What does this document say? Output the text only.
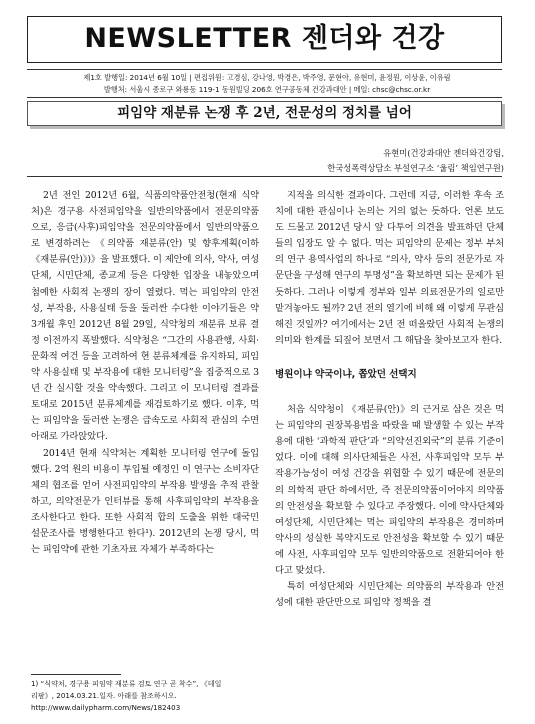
NEWSLETTER 젠더와 건강
제1호 발행일: 2014년 6월 10일 | 편집위원: 고경심, 강나영, 박경은, 박주영, 문현아, 유현미, 윤정원, 이상윤, 이유림
발행처: 서울시 종로구 와룡동 119-1 동원빌딩 206호 연구공동체 건강과대안 | 메일: chsc@chsc.or.kr
피임약 재분류 논쟁 후 2년, 전문성의 정치를 넘어
유현미(건강과대안 젠더와건강팀,
한국성폭력상담소 부설연구소 ‘울림’ 책임연구원)

2년 전인 2012년 6월, 식품의약품안전청(현재 식약처)은 경구용 사전피임약을 일반의약품에서 전문의약품으로, 응급(사후)피임약을 전문의약품에서 일반의약품으로 변경하려는 《의약품 재분류(안) 및 향후계획(이하 《재분류(안)》)》을 발표했다. 이 제안에 의사, 약사, 여성단체, 시민단체, 종교계 등은 다양한 입장을 내놓았으며 첨예한 사회적 논쟁의 장이 열렸다. 먹는 피임약의 안전성, 부작용, 사용실태 등을 둘러싼 수다한 이야기들은 약 3개월 후인 2012년 8월 29일, 식약청의 재분류 보류 결정 이전까지 폭발했다. 식약청은 “그간의 사용관행, 사회·문화적 여건 등을 고려하여 현 분류체계를 유지하되, 피임약 사용실태 및 부작용에 대한 모니터링”을 집중적으로 3년 간 실시할 것을 약속했다. 그리고 이 모니터링 결과를 토대로 2015년 분류체계를 재검토하기로 했다. 이후, 먹는 피임약을 둘러싼 논쟁은 급속도로 사회적 관심의 수면 아래로 가라앉았다.

2014년 현재 식약처는 계획한 모니터링 연구에 돌입했다. 2억 원의 비용이 투입될 예정인 이 연구는 소비자단체의 협조를 얻어 사전피임약의 부작용 발생을 추적 관찰하고, 의약전문가 인터뷰를 통해 사후피임약의 부작용을 조사한다고 한다. 또한 사회적 합의 도출을 위한 대국민 설문조사를 병행한다고 한다¹). 2012년의 논쟁 당시, 먹는 피임약에 관한 기초자료 자체가 부족하다는

지적을 의식한 결과이다. 그런데 지금, 이러한 후속 조치에 대한 관심이나 논의는 거의 없는 듯하다. 언론 보도도 드물고 2012년 당시 앞 다투어 의견을 발표하던 단체들의 입장도 알 수 없다. 먹는 피임약의 문제는 정부 부처의 연구 용역사업의 하나로 “의사, 약사 등의 전문가로 자문단을 구성해 연구의 투명성”을 확보하면 되는 문제가 된 듯하다. 그러나 이렇게 정부와 일부 의료전문가의 일로만 맡겨놓아도 될까? 2년 전의 열기에 비해 왜 이렇게 무관심해진 것일까? 여기에서는 2년 전 떠올랐던 사회적 논쟁의 의미와 한계를 되짚어 보면서 그 해답을 찾아보고자 한다.

병원이냐 약국이냐, 쫍았던 선택지

처음 식약청이 《재분류(안)》의 근거로 삼은 것은 먹는 피임약의 권장복용법을 따랐을 때 발생할 수 있는 부작용에 대한 ‘과학적 판단’과 “의약선진외국”의 분류 기준이었다. 이에 대해 의사단체들은 사전, 사후피임약 모두 부작용가능성이 여성 건강을 위협할 수 있기 때문에 전문의의 의학적 판단 하에서만, 즉 전문의약품이어야지 의약품의 안전성을 확보할 수 있다고 주장했다. 이에 약사단체와 여성단체, 시민단체는 먹는 피임약의 부작용은 경미하며 약사의 성실한 복약지도로 안전성을 확보할 수 있기 때문에 사전, 사후피임약 모두 일반의약품으로 전환되어야 한다고 맞섰다.

특히 여성단체와 시민단체는 의약품의 부작용과 안전성에 대한 판단만으로 피임약 정책을 결

1) “식약처, 경구용 피임약 재분류 검토 연구 곧 착수”, 《데일
리팜》, 2014.03.21.일자. 아래를 참조하시오.
http://www.dailypharm.com/News/182403
